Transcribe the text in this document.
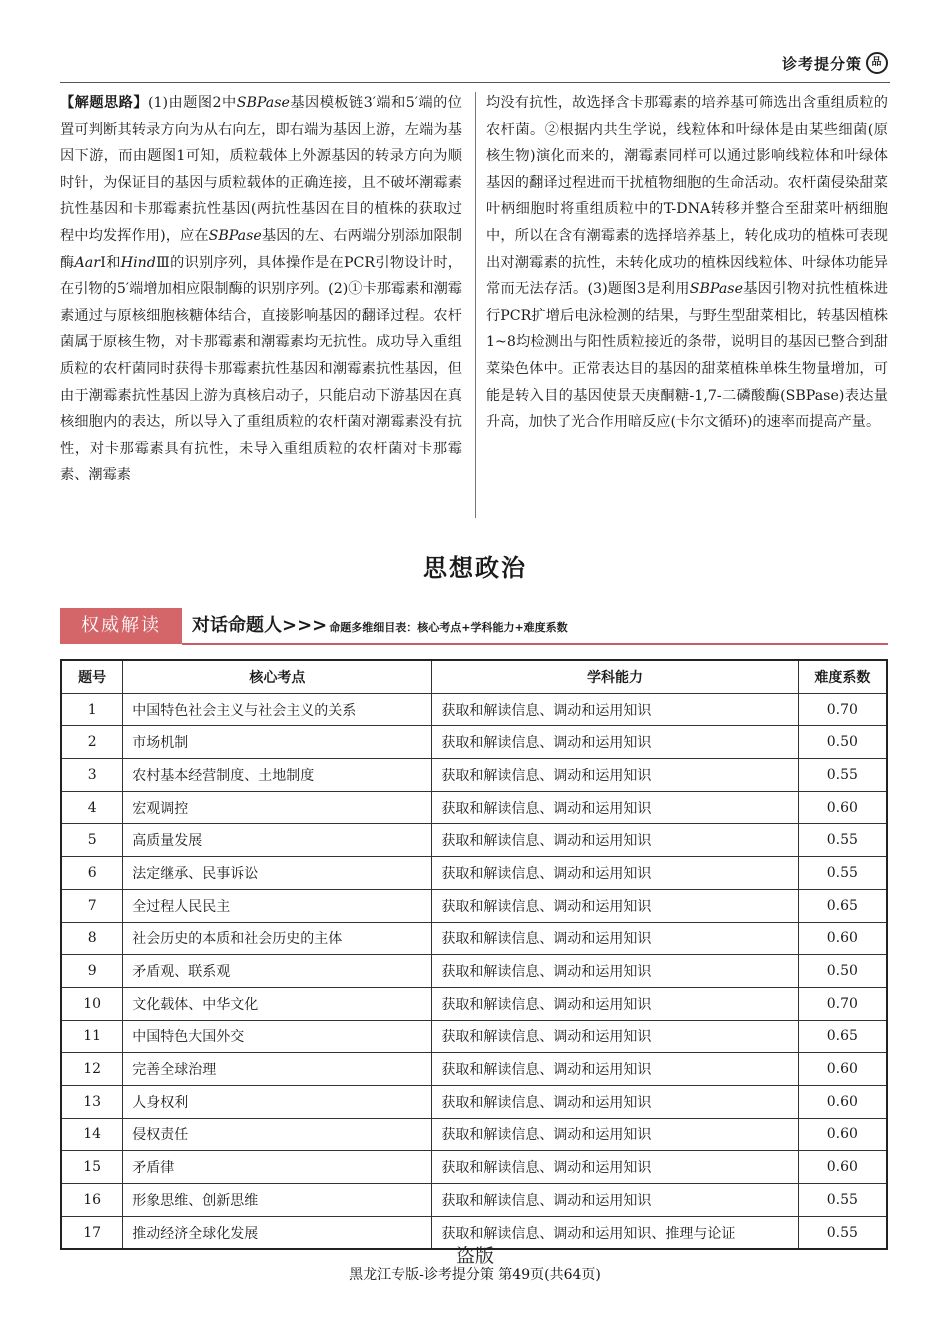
诊考提分策 品
【解题思路】(1)由题图2中SBPase基因模板链3′端和5′端的位置可判断其转录方向为从右向左，即右端为基因上游，左端为基因下游，而由题图1可知，质粒载体上外源基因的转录方向为顺时针，为保证目的基因与质粒载体的正确连接，且不破坏潮霉素抗性基因和卡那霉素抗性基因(两抗性基因在目的植株的获取过程中均发挥作用)，应在SBPase基因的左、右两端分别添加限制酶AarⅠ和HindⅢ的识别序列，具体操作是在PCR引物设计时，在引物的5′端增加相应限制酶的识别序列。(2)①卡那霉素和潮霉素通过与原核细胞核糖体结合，直接影响基因的翻译过程。农杆菌属于原核生物，对卡那霉素和潮霉素均无抗性。成功导入重组质粒的农杆菌同时获得卡那霉素抗性基因和潮霉素抗性基因，但由于潮霉素抗性基因上游为真核启动子，只能启动下游基因在真核细胞内的表达，所以导入了重组质粒的农杆菌对潮霉素没有抗性，对卡那霉素具有抗性，未导入重组质粒的农杆菌对卡那霉素、潮霉素
均没有抗性，故选择含卡那霉素的培养基可筛选出含重组质粒的农杆菌。②根据内共生学说，线粒体和叶绿体是由某些细菌(原核生物)演化而来的，潮霉素同样可以通过影响线粒体和叶绿体基因的翻译过程进而干扰植物细胞的生命活动。农杆菌侵染甜菜叶柄细胞时将重组质粒中的T-DNA转移并整合至甜菜叶柄细胞中，所以在含有潮霉素的选择培养基上，转化成功的植株可表现出对潮霉素的抗性，未转化成功的植株因线粒体、叶绿体功能异常而无法存活。(3)题图3是利用SBPase基因引物对抗性植株进行PCR扩增后电泳检测的结果，与野生型甜菜相比，转基因植株1~8均检测出与阳性质粒接近的条带，说明目的基因已整合到甜菜染色体中。正常表达目的基因的甜菜植株单株生物量增加，可能是转入目的基因使景天庚酮糖-1,7-二磷酸酶(SBPase)表达量升高，加快了光合作用暗反应(卡尔文循环)的速率而提高产量。
思想政治
权威解读	对话命题人>>> 命题多维细目表：核心考点+学科能力+难度系数
题号	核心考点	学科能力	难度系数
1	中国特色社会主义与社会主义的关系	获取和解读信息、调动和运用知识	0.70
2	市场机制	获取和解读信息、调动和运用知识	0.50
3	农村基本经营制度、土地制度	获取和解读信息、调动和运用知识	0.55
4	宏观调控	获取和解读信息、调动和运用知识	0.60
5	高质量发展	获取和解读信息、调动和运用知识	0.55
6	法定继承、民事诉讼	获取和解读信息、调动和运用知识	0.55
7	全过程人民民主	获取和解读信息、调动和运用知识	0.65
8	社会历史的本质和社会历史的主体	获取和解读信息、调动和运用知识	0.60
9	矛盾观、联系观	获取和解读信息、调动和运用知识	0.50
10	文化载体、中华文化	获取和解读信息、调动和运用知识	0.70
11	中国特色大国外交	获取和解读信息、调动和运用知识	0.65
12	完善全球治理	获取和解读信息、调动和运用知识	0.60
13	人身权利	获取和解读信息、调动和运用知识	0.60
14	侵权责任	获取和解读信息、调动和运用知识	0.60
15	矛盾律	获取和解读信息、调动和运用知识	0.60
16	形象思维、创新思维	获取和解读信息、调动和运用知识	0.55
17	推动经济全球化发展	获取和解读信息、调动和运用知识、推理与论证	0.55
盗版
黑龙江专版-诊考提分策 第49页(共64页)
